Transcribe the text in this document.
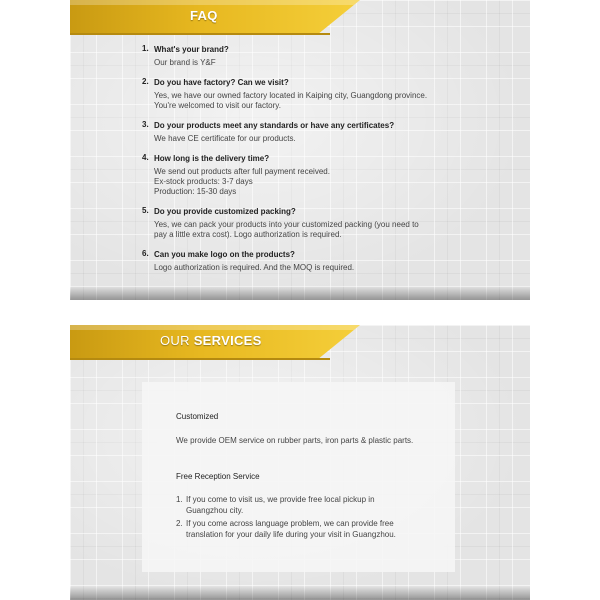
FAQ
1. What's your brand?
Our brand is Y&F
2. Do you have factory? Can we visit?
Yes, we have our owned factory located in Kaiping city, Guangdong province.
You're welcomed to visit our factory.
3. Do your products meet any standards or have any certificates?
We have CE certificate for our products.
4. How long is the delivery time?
We send out products after full payment received.
Ex-stock products: 3-7 days
Production: 15-30 days
5. Do you provide customized packing?
Yes, we can pack your products into your customized packing (you need to
pay a little extra cost). Logo authorization is required.
6. Can you make logo on the products?
Logo authorization is required. And the MOQ is required.
OUR SERVICES
Customized
We provide OEM service on rubber parts, iron parts & plastic parts.
Free Reception Service
1. If you come to visit us, we provide free local pickup in
Guangzhou city.
2. If you come across language problem, we can provide free
translation for your daily life during your visit in Guangzhou.
